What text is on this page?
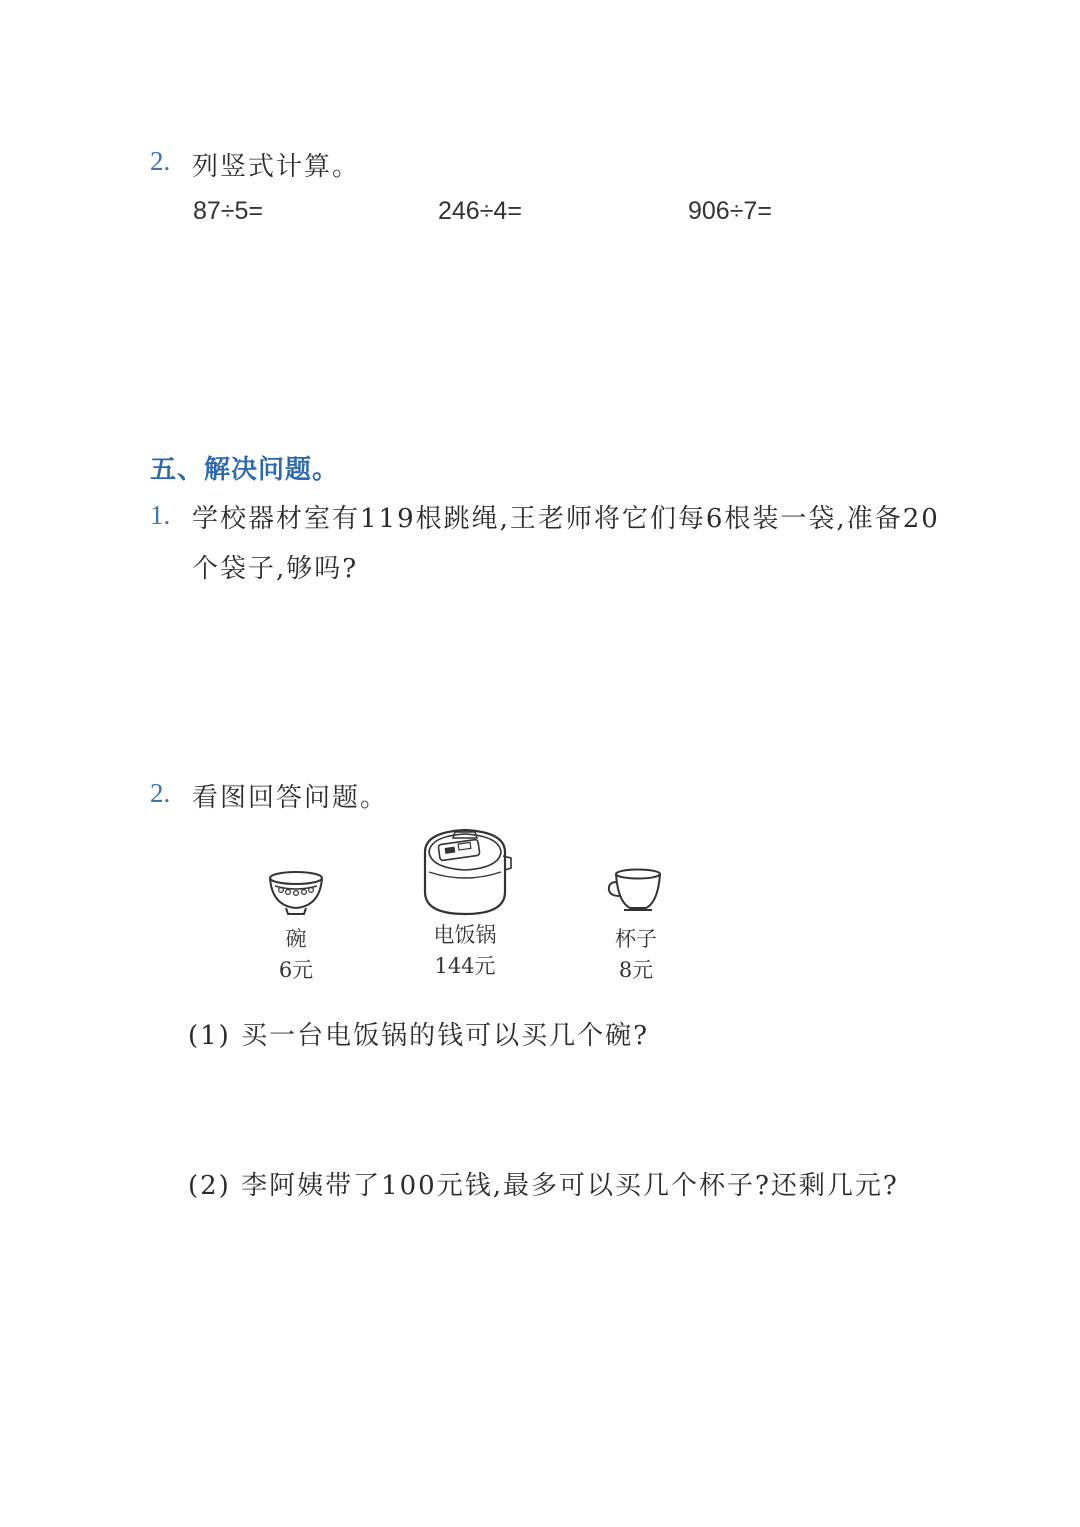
2. 列竖式计算。
87÷5=	246÷4=	906÷7=
五、解决问题。
1. 学校器材室有119根跳绳,王老师将它们每6根装一袋,准备20
个袋子,够吗?
2. 看图回答问题。
碗
6元
电饭锅
144元
杯子
8元
(1) 买一台电饭锅的钱可以买几个碗?
(2) 李阿姨带了100元钱,最多可以买几个杯子?还剩几元?
